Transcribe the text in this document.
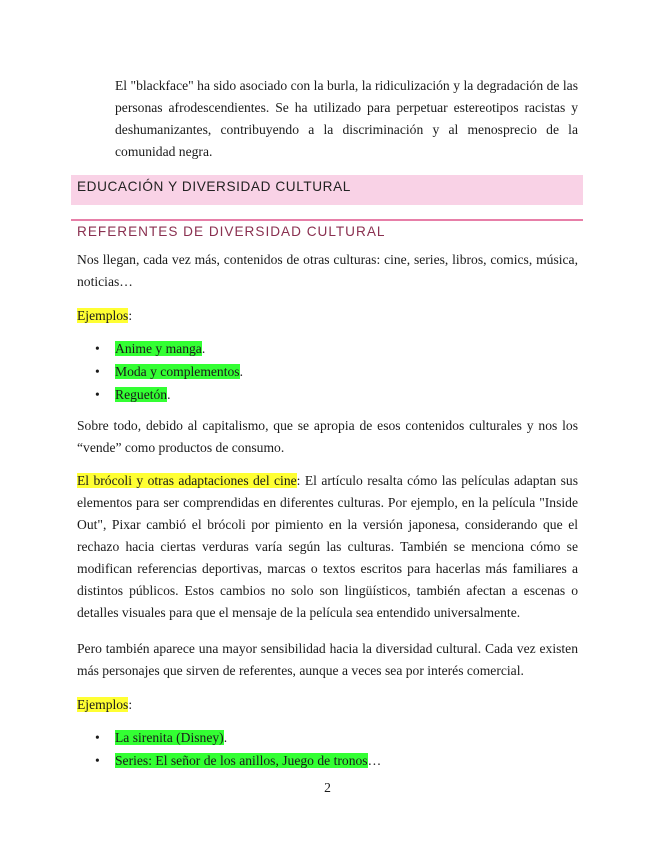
El "blackface" ha sido asociado con la burla, la ridiculización y la degradación de las personas afrodescendientes. Se ha utilizado para perpetuar estereotipos racistas y deshumanizantes, contribuyendo a la discriminación y al menosprecio de la comunidad negra.

EDUCACIÓN Y DIVERSIDAD CULTURAL
REFERENTES DE DIVERSIDAD CULTURAL

Nos llegan, cada vez más, contenidos de otras culturas: cine, series, libros, comics, música, noticias…

Ejemplos:

• Anime y manga.
• Moda y complementos.
• Reguetón.

Sobre todo, debido al capitalismo, que se apropia de esos contenidos culturales y nos los “vende” como productos de consumo.

El brócoli y otras adaptaciones del cine: El artículo resalta cómo las películas adaptan sus elementos para ser comprendidas en diferentes culturas. Por ejemplo, en la película "Inside Out", Pixar cambió el brócoli por pimiento en la versión japonesa, considerando que el rechazo hacia ciertas verduras varía según las culturas. También se menciona cómo se modifican referencias deportivas, marcas o textos escritos para hacerlas más familiares a distintos públicos. Estos cambios no solo son lingüísticos, también afectan a escenas o detalles visuales para que el mensaje de la película sea entendido universalmente.

Pero también aparece una mayor sensibilidad hacia la diversidad cultural. Cada vez existen más personajes que sirven de referentes, aunque a veces sea por interés comercial.

Ejemplos:

• La sirenita (Disney).
• Series: El señor de los anillos, Juego de tronos…
2
